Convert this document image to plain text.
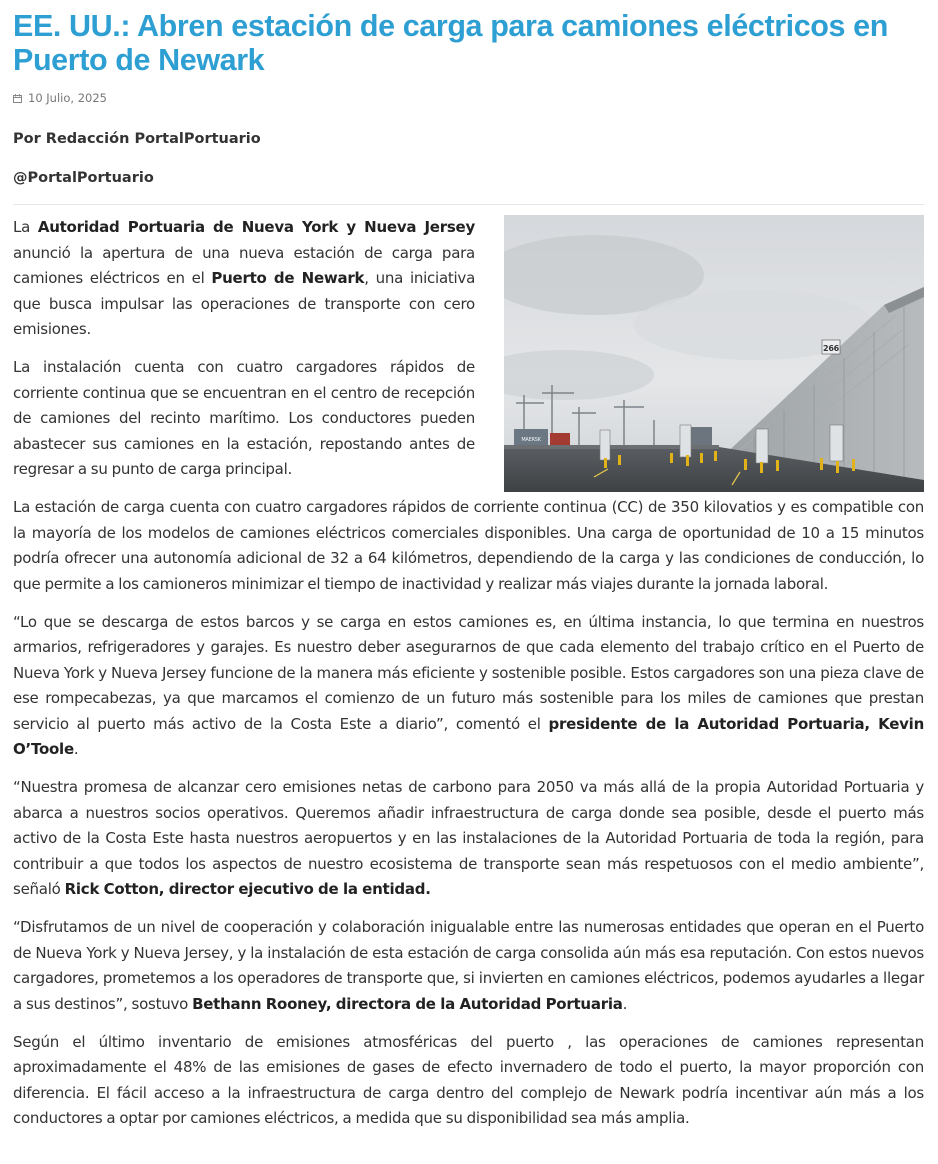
EE. UU.: Abren estación de carga para camiones eléctricos en Puerto de Newark
10 Julio, 2025

Por Redacción PortalPortuario

@PortalPortuario

La Autoridad Portuaria de Nueva York y Nueva Jersey anunció la apertura de una nueva estación de carga para camiones eléctricos en el Puerto de Newark, una iniciativa que busca impulsar las operaciones de transporte con cero emisiones.

La instalación cuenta con cuatro cargadores rápidos de corriente continua que se encuentran en el centro de recepción de camiones del recinto marítimo. Los conductores pueden abastecer sus camiones en la estación, repostando antes de regresar a su punto de carga principal.

266
MAERSK

La estación de carga cuenta con cuatro cargadores rápidos de corriente continua (CC) de 350 kilovatios y es compatible con la mayoría de los modelos de camiones eléctricos comerciales disponibles. Una carga de oportunidad de 10 a 15 minutos podría ofrecer una autonomía adicional de 32 a 64 kilómetros, dependiendo de la carga y las condiciones de conducción, lo que permite a los camioneros minimizar el tiempo de inactividad y realizar más viajes durante la jornada laboral.

“Lo que se descarga de estos barcos y se carga en estos camiones es, en última instancia, lo que termina en nuestros armarios, refrigeradores y garajes. Es nuestro deber asegurarnos de que cada elemento del trabajo crítico en el Puerto de Nueva York y Nueva Jersey funcione de la manera más eficiente y sostenible posible. Estos cargadores son una pieza clave de ese rompecabezas, ya que marcamos el comienzo de un futuro más sostenible para los miles de camiones que prestan servicio al puerto más activo de la Costa Este a diario”, comentó el presidente de la Autoridad Portuaria, Kevin O’Toole.

“Nuestra promesa de alcanzar cero emisiones netas de carbono para 2050 va más allá de la propia Autoridad Portuaria y abarca a nuestros socios operativos. Queremos añadir infraestructura de carga donde sea posible, desde el puerto más activo de la Costa Este hasta nuestros aeropuertos y en las instalaciones de la Autoridad Portuaria de toda la región, para contribuir a que todos los aspectos de nuestro ecosistema de transporte sean más respetuosos con el medio ambiente”, señaló Rick Cotton, director ejecutivo de la entidad.

“Disfrutamos de un nivel de cooperación y colaboración inigualable entre las numerosas entidades que operan en el Puerto de Nueva York y Nueva Jersey, y la instalación de esta estación de carga consolida aún más esa reputación. Con estos nuevos cargadores, prometemos a los operadores de transporte que, si invierten en camiones eléctricos, podemos ayudarles a llegar a sus destinos”, sostuvo Bethann Rooney, directora de la Autoridad Portuaria.

Según el último inventario de emisiones atmosféricas del puerto , las operaciones de camiones representan aproximadamente el 48% de las emisiones de gases de efecto invernadero de todo el puerto, la mayor proporción con diferencia. El fácil acceso a la infraestructura de carga dentro del complejo de Newark podría incentivar aún más a los conductores a optar por camiones eléctricos, a medida que su disponibilidad sea más amplia.
